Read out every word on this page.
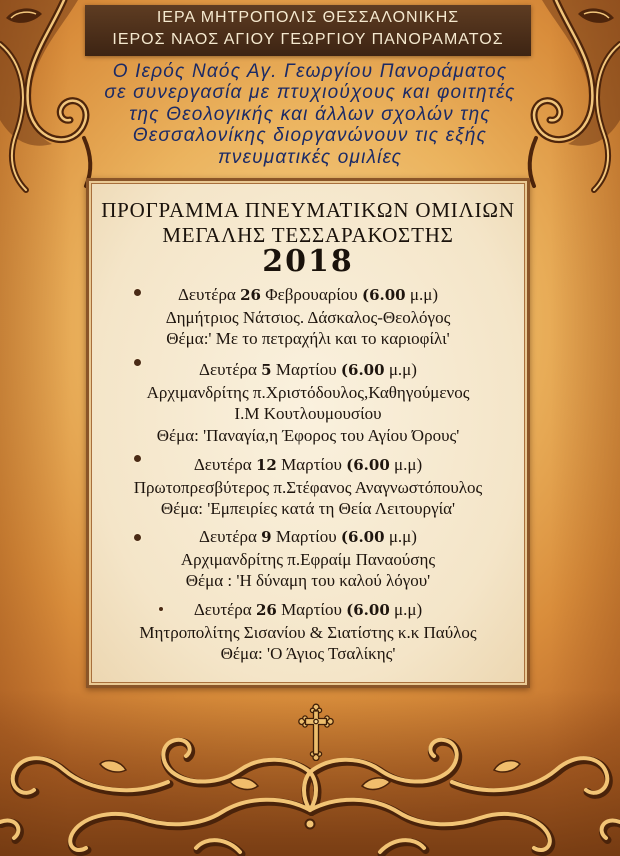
ΙΕΡΑ ΜΗΤΡΟΠΟΛΙΣ ΘΕΣΣΑΛΟΝΙΚΗΣ
ΙΕΡΟΣ ΝΑΟΣ ΑΓΙΟΥ ΓΕΩΡΓΙΟΥ ΠΑΝΟΡΑΜΑΤΟΣ
Ο Ιερός Ναός Αγ. Γεωργίου Πανοράματος
σε συνεργασία με πτυχιούχους και φοιτητές
της Θεολογικής και άλλων σχολών της
Θεσσαλονίκης διοργανώνουν τις εξής
πνευματικές ομιλίες
ΠΡΟΓΡΑΜΜΑ ΠΝΕΥΜΑΤΙΚΩΝ ΟΜΙΛΙΩΝ
ΜΕΓΑΛΗΣ ΤΕΣΣΑΡΑΚΟΣΤΗΣ
2018
Δευτέρα 26 Φεβρουαρίου (6.00 μ.μ)
Δημήτριος Νάτσιος. Δάσκαλος-Θεολόγος
Θέμα:' Με το πετραχήλι και το καριοφίλι'
Δευτέρα 5 Μαρτίου (6.00 μ.μ)
Αρχιμανδρίτης π.Χριστόδουλος,Καθηγούμενος
Ι.Μ Κουτλουμουσίου
Θέμα: 'Παναγία,η Έφορος του Αγίου Όρους'
Δευτέρα 12 Μαρτίου (6.00 μ.μ)
Πρωτοπρεσβύτερος π.Στέφανος Αναγνωστόπουλος
Θέμα: 'Εμπειρίες κατά τη Θεία Λειτουργία'
Δευτέρα 9 Μαρτίου (6.00 μ.μ)
Αρχιμανδρίτης π.Εφραίμ Παναούσης
Θέμα : 'Η δύναμη του καλού λόγου'
Δευτέρα 26 Μαρτίου (6.00 μ.μ)
Μητροπολίτης Σισανίου & Σιατίστης κ.κ Παύλος
Θέμα: 'Ο Άγιος Τσαλίκης'
